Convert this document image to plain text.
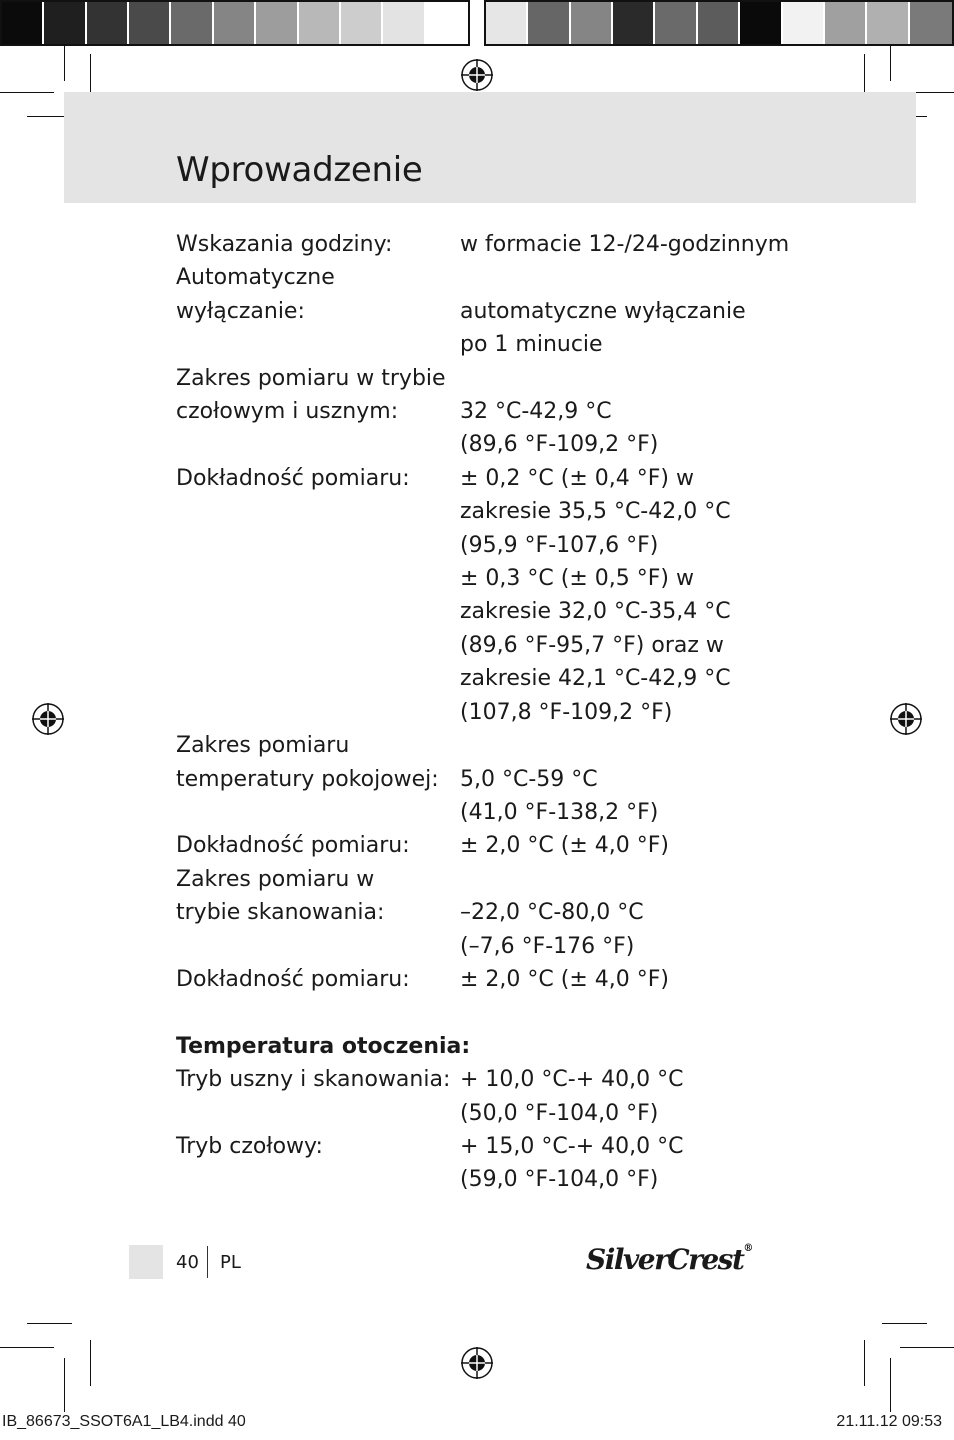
Wprowadzenie
Wskazania godziny:	w formacie 12-/24-godzinnym
Automatyczne
wyłączanie:	automatyczne wyłączanie
po 1 minucie
Zakres pomiaru w trybie
czołowym i usznym:	32 °C-42,9 °C
(89,6 °F-109,2 °F)
Dokładność pomiaru:	± 0,2 °C (± 0,4 °F) w
zakresie 35,5 °C-42,0 °C
(95,9 °F-107,6 °F)
± 0,3 °C (± 0,5 °F) w
zakresie 32,0 °C-35,4 °C
(89,6 °F-95,7 °F) oraz w
zakresie 42,1 °C-42,9 °C
(107,8 °F-109,2 °F)
Zakres pomiaru
temperatury pokojowej: 5,0 °C-59 °C
(41,0 °F-138,2 °F)
Dokładność pomiaru:	± 2,0 °C (± 4,0 °F)
Zakres pomiaru w
trybie skanowania:	–22,0 °C-80,0 °C
(–7,6 °F-176 °F)
Dokładność pomiaru:	± 2,0 °C (± 4,0 °F)
Temperatura otoczenia:
Tryb uszny i skanowania: + 10,0 °C-+ 40,0 °C
(50,0 °F-104,0 °F)
Tryb czołowy:	+ 15,0 °C-+ 40,0 °C
(59,0 °F-104,0 °F)
40 PL	SilverCrest®
IB_86673_SSOT6A1_LB4.indd 40	21.11.12 09:53
